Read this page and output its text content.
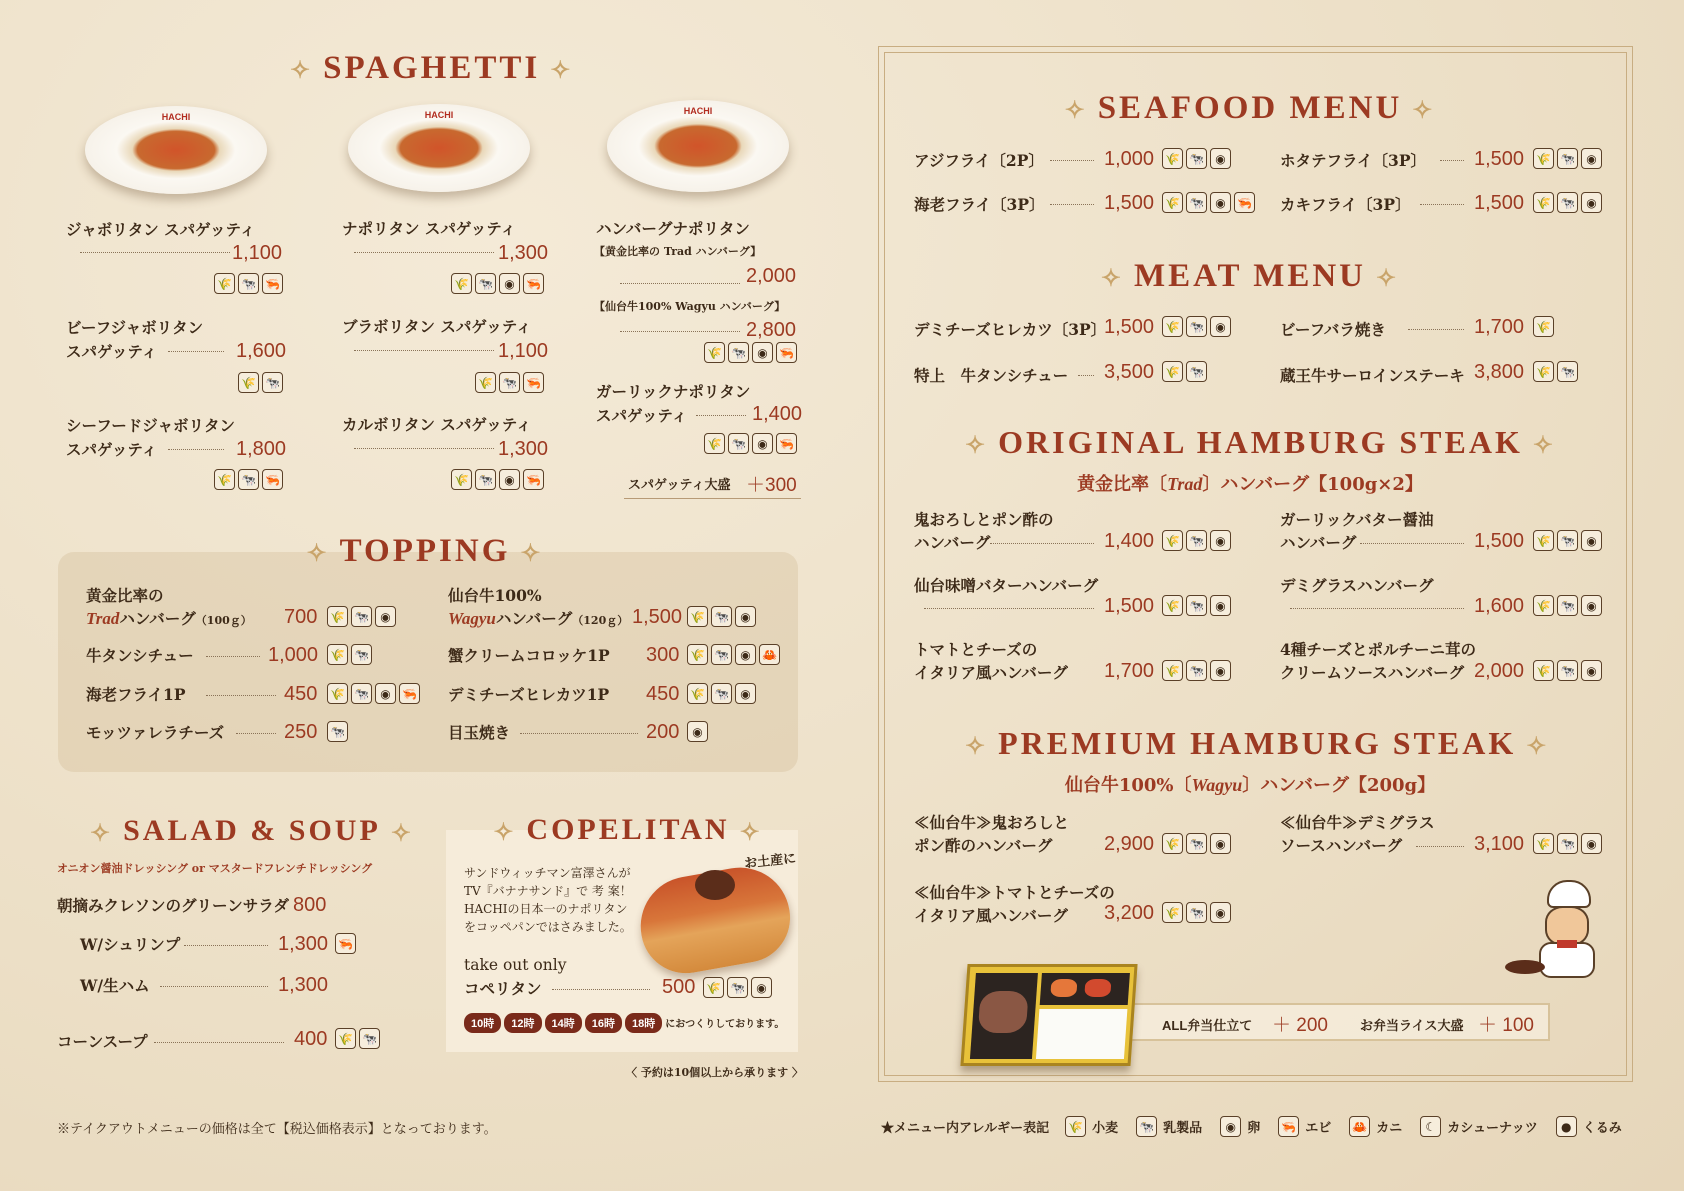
✧ SPAGHETTI ✧
HACHI	HACHI	HACHI
ジャボリタン スパゲッティ
1,100
🌾 🐄 🦐
ビーフジャボリタン
スパゲッティ	1,600
🌾 🐄
シーフードジャボリタン
スパゲッティ	1,800
🌾 🐄 🦐
ナポリタン スパゲッティ
1,300
🌾 🐄 ◉ 🦐
ブラボリタン スパゲッティ
1,100
🌾 🐄 🦐
カルボリタン スパゲッティ
1,300
🌾 🐄 ◉ 🦐
ハンバーグナポリタン
【黄金比率の Trad ハンバーグ】
2,000
【仙台牛100% Wagyu ハンバーグ】
2,800
🌾 🐄 ◉ 🦐
ガーリックナポリタン
スパゲッティ	1,400
🌾 🐄 ◉ 🦐
スパゲッティ大盛 ＋300
✧ TOPPING ✧
黄金比率の
Tradハンバーグ（100ｇ） 700 🌾 🐄 ◉
仙台牛100%
Wagyuハンバーグ（120ｇ） 1,500 🌾 🐄 ◉
牛タンシチュー	1,000 🌾 🐄	蟹クリームコロッケ1P 300 🌾 🐄 ◉ 🦀
海老フライ1P	450 🌾 🐄 ◉ 🦐 デミチーズヒレカツ1P 450 🌾 🐄 ◉
モッツァレラチーズ	250 🐄	目玉焼き	200	◉
✧ SALAD & SOUP ✧
オニオン醤油ドレッシング or マスタードフレンチドレッシング
朝摘みクレソンのグリーンサラダ 800
W/シュリンプ	1,300 🦐
W/生ハム	1,300
コーンスープ	400 🌾 🐄
✧ COPELITAN ✧
サンドウィッチマン富澤さんが
TV『バナナサンド』で 考 案！
HACHIの日本一のナポリタン
をコッペパンではさみました。
お土産に
take out only
コペリタン	500 🌾 🐄 ◉
10時 12時 14時 16時 18時 におつくりしております。
〈 予約は10個以上から承ります 〉
※テイクアウトメニューの価格は全て【税込価格表示】となっております。
✧ SEAFOOD MENU ✧
アジフライ〔2P〕	1,000 🌾 🐄 ◉	ホタテフライ〔3P〕 1,500 🌾 🐄 ◉
海老フライ〔3P〕	1,500 🌾 🐄 ◉ 🦐 カキフライ〔3P〕	1,500 🌾 🐄 ◉
✧ MEAT MENU ✧
デミチーズヒレカツ〔3P〕
1,500 🌾 🐄 ◉	ビーフバラ焼き	1,700 🌾
特上　牛タンシチュー 3,500 🌾 🐄	蔵王牛サーロインステーキ 3,800 🌾 🐄
✧ ORIGINAL HAMBURG STEAK ✧
黄金比率〔Trad〕ハンバーグ【100g×2】
鬼おろしとポン酢の
ハンバーグ	1,400 🌾 🐄 ◉
ガーリックバター醤油
ハンバーグ	1,500 🌾 🐄 ◉
仙台味噌バターハンバーグ
1,500 🌾 🐄 ◉
デミグラスハンバーグ
1,600 🌾 🐄 ◉
トマトとチーズの
イタリア風ハンバーグ 1,700 🌾 🐄 ◉
4種チーズとポルチーニ茸の
クリームソースハンバーグ 2,000 🌾 🐄 ◉
✧ PREMIUM HAMBURG STEAK ✧
仙台牛100%〔Wagyu〕ハンバーグ【200g】
≪仙台牛≫鬼おろしと
ポン酢のハンバーグ	2,900 🌾 🐄 ◉
≪仙台牛≫デミグラス
ソースハンバーグ	3,100 🌾 🐄 ◉
≪仙台牛≫トマトとチーズの
イタリア風ハンバーグ 3,200 🌾 🐄 ◉
ALL弁当仕立て ＋ 200 お弁当ライス大盛 ＋ 100
★メニュー内アレルギー表記 🌾 小麦 🐄 乳製品	◉ 卵 🦐 エビ 🦀 カニ	☾ カシューナッツ	● くるみ
